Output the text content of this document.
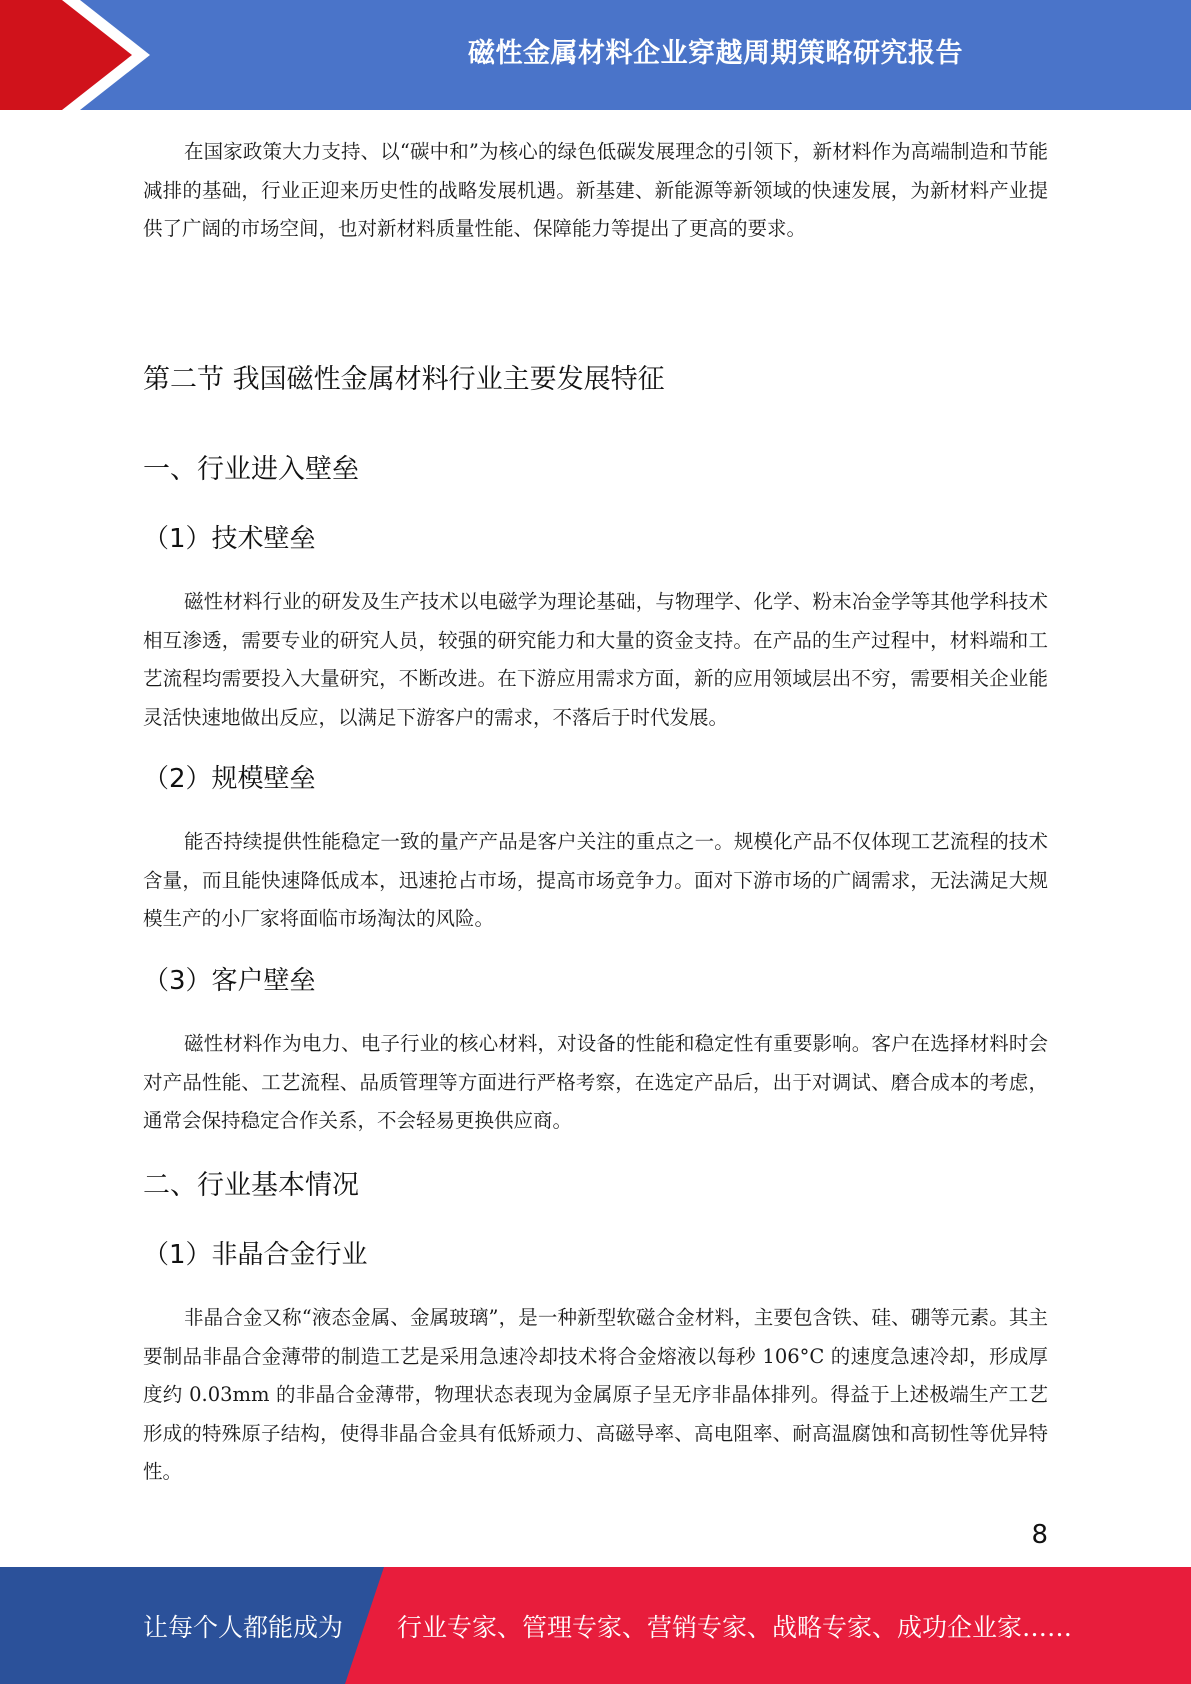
磁性金属材料企业穿越周期策略研究报告

在国家政策大力支持、以“碳中和”为核心的绿色低碳发展理念的引领下，新材料作为高端制造和节能减排的基础，行业正迎来历史性的战略发展机遇。新基建、新能源等新领域的快速发展，为新材料产业提供了广阔的市场空间，也对新材料质量性能、保障能力等提出了更高的要求。

第二节 我国磁性金属材料行业主要发展特征
一、行业进入壁垒
（1）技术壁垒

磁性材料行业的研发及生产技术以电磁学为理论基础，与物理学、化学、粉末冶金学等其他学科技术相互渗透，需要专业的研究人员，较强的研究能力和大量的资金支持。在产品的生产过程中，材料端和工艺流程均需要投入大量研究，不断改进。在下游应用需求方面，新的应用领域层出不穷，需要相关企业能灵活快速地做出反应，以满足下游客户的需求，不落后于时代发展。

（2）规模壁垒

能否持续提供性能稳定一致的量产产品是客户关注的重点之一。规模化产品不仅体现工艺流程的技术含量，而且能快速降低成本，迅速抢占市场，提高市场竞争力。面对下游市场的广阔需求，无法满足大规模生产的小厂家将面临市场淘汰的风险。

（3）客户壁垒

磁性材料作为电力、电子行业的核心材料，对设备的性能和稳定性有重要影响。客户在选择材料时会对产品性能、工艺流程、品质管理等方面进行严格考察，在选定产品后，出于对调试、磨合成本的考虑，通常会保持稳定合作关系，不会轻易更换供应商。

二、行业基本情况
（1）非晶合金行业

非晶合金又称“液态金属、金属玻璃”，是一种新型软磁合金材料，主要包含铁、硅、硼等元素。其主要制品非晶合金薄带的制造工艺是采用急速冷却技术将合金熔液以每秒 106°C 的速度急速冷却，形成厚度约 0.03mm 的非晶合金薄带，物理状态表现为金属原子呈无序非晶体排列。得益于上述极端生产工艺形成的特殊原子结构，使得非晶合金具有低矫顽力、高磁导率、高电阻率、耐高温腐蚀和高韧性等优异特性。

8
让每个人都能成为 行业专家、管理专家、营销专家、战略专家、成功企业家……
